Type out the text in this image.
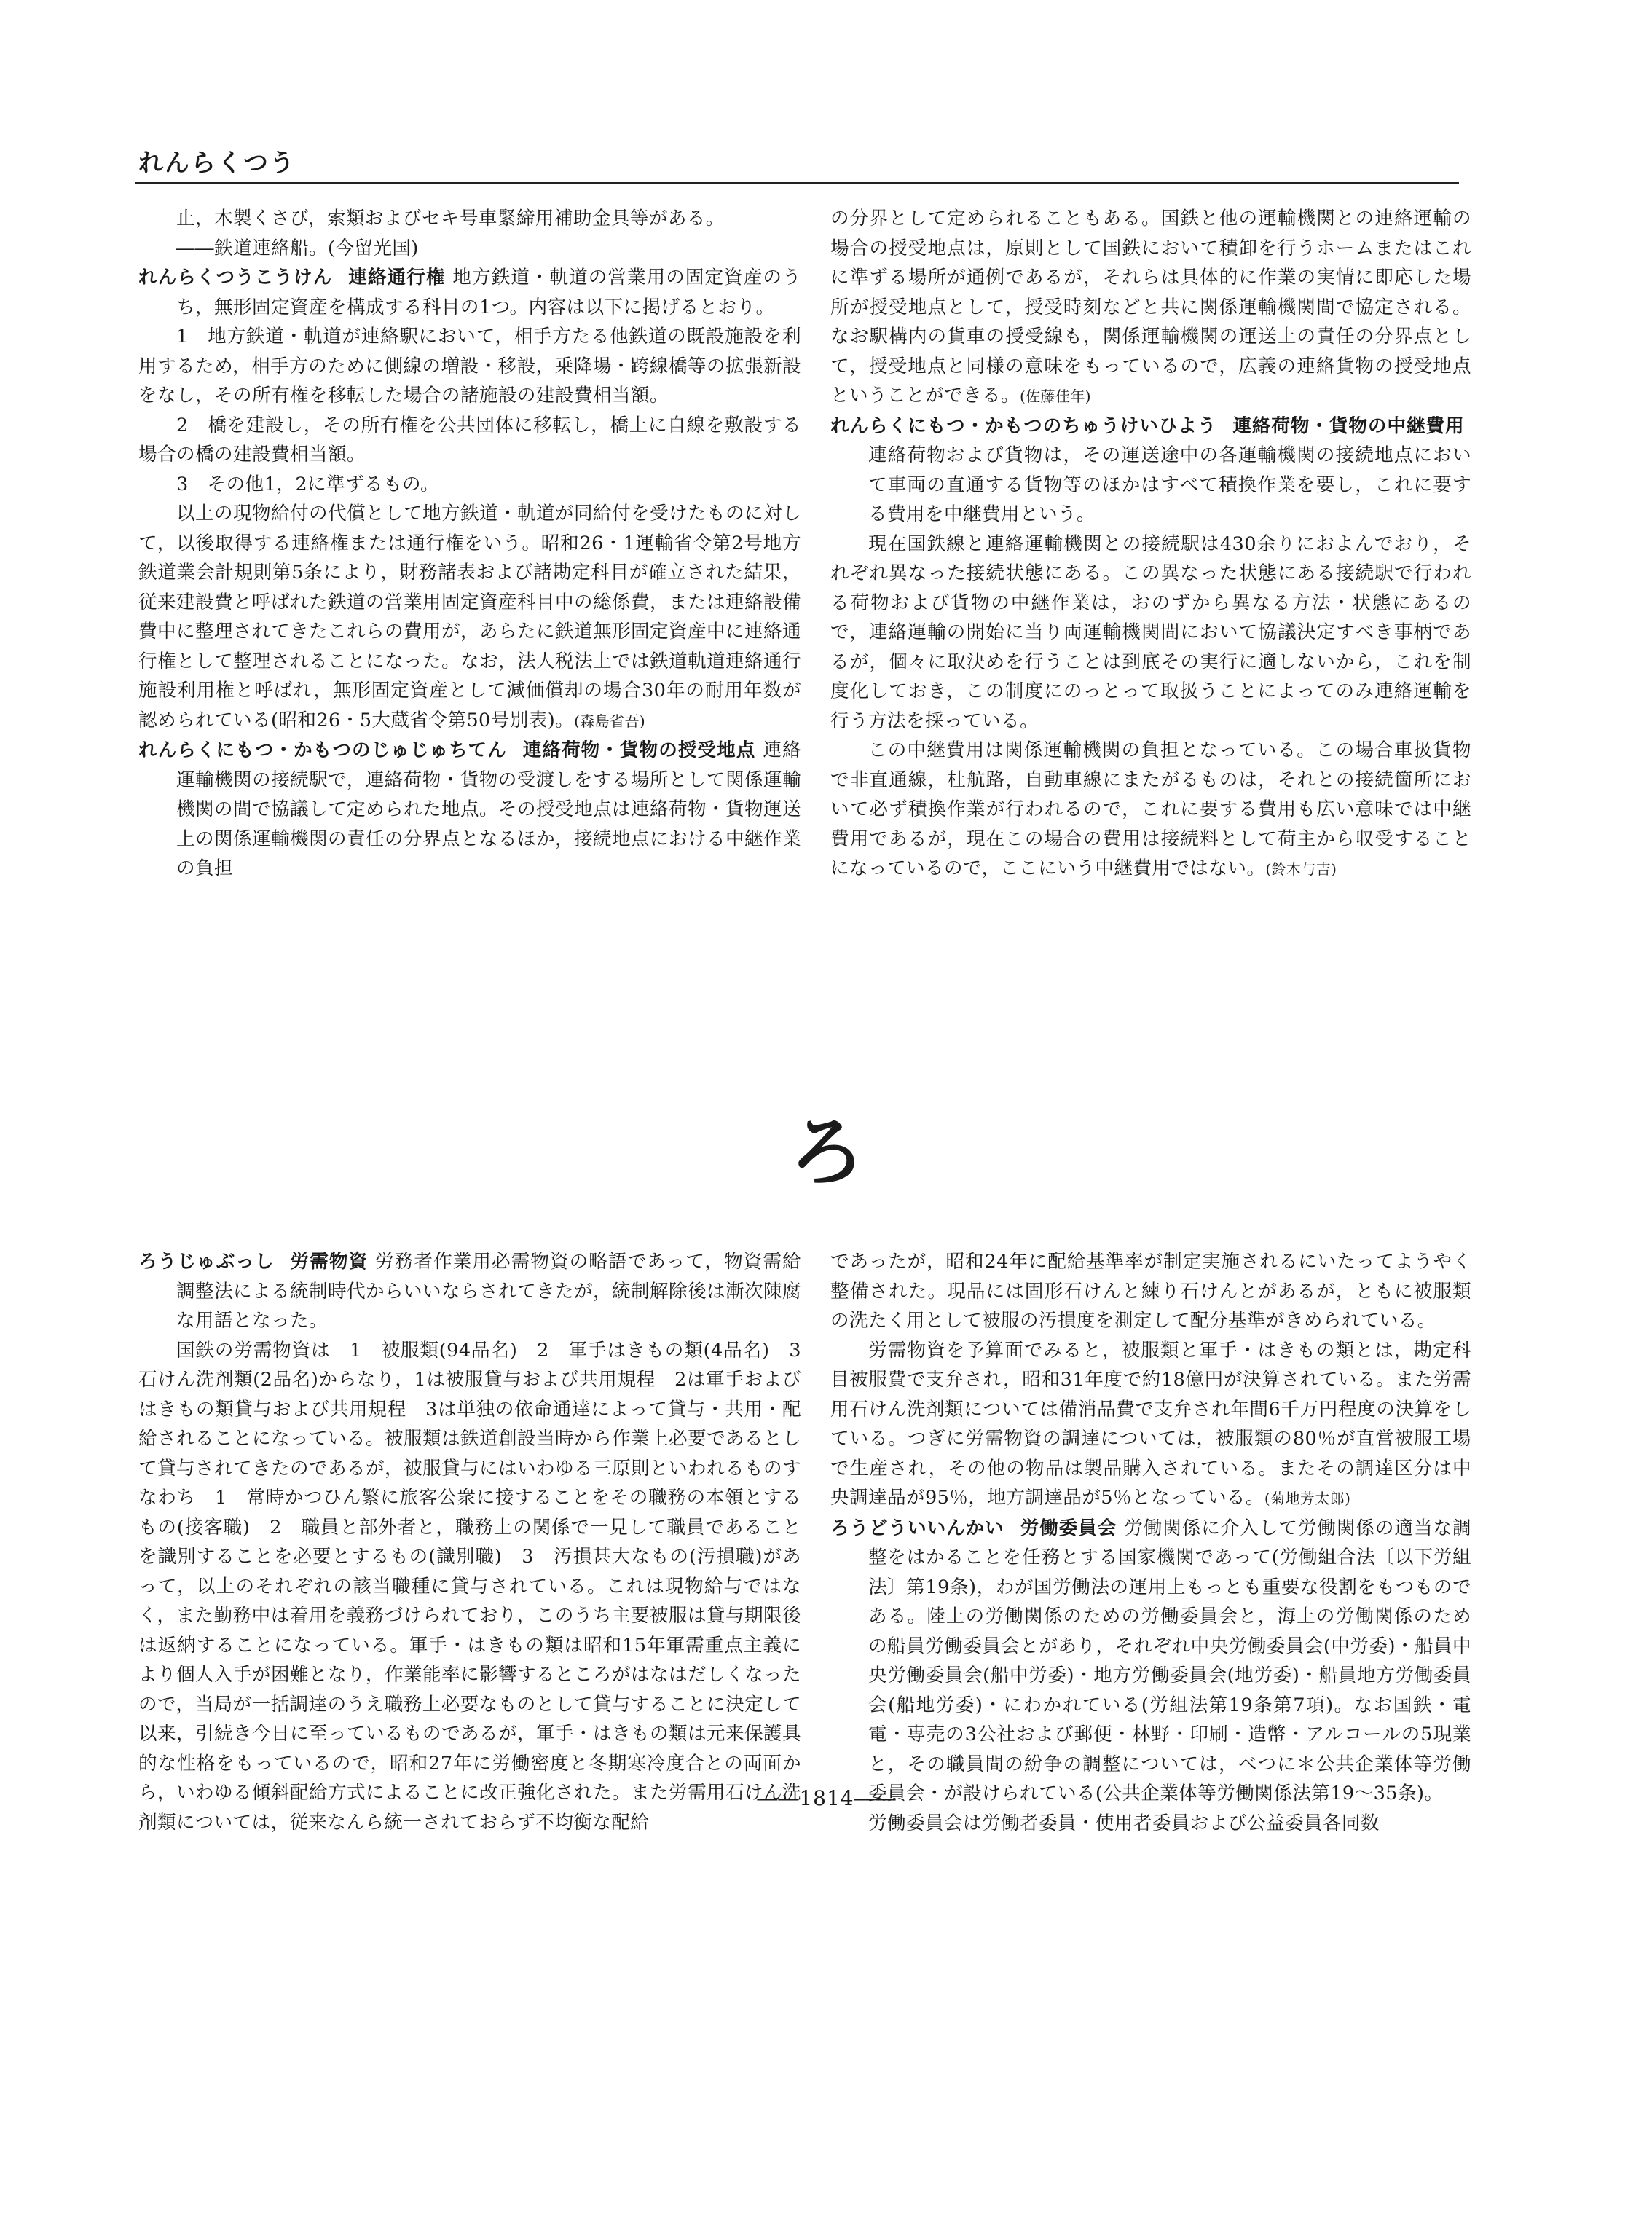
れんらくつう

止，木製くさび，索類およびセキ号車緊締用補助金具等がある。

――鉄道連絡船。(今留光国)

れんらくつうこうけん 連絡通行権 地方鉄道・軌道の営業用の固定資産のうち，無形固定資産を構成する科目の1つ。内容は以下に掲げるとおり。

1　地方鉄道・軌道が連絡駅において，相手方たる他鉄道の既設施設を利用するため，相手方のために側線の増設・移設，乗降場・跨線橋等の拡張新設をなし，その所有権を移転した場合の諸施設の建設費相当額。

2　橋を建設し，その所有権を公共団体に移転し，橋上に自線を敷設する場合の橋の建設費相当額。

3　その他1，2に準ずるもの。

以上の現物給付の代償として地方鉄道・軌道が同給付を受けたものに対して，以後取得する連絡権または通行権をいう。昭和26・1運輸省令第2号地方鉄道業会計規則第5条により，財務諸表および諸勘定科目が確立された結果，従来建設費と呼ばれた鉄道の営業用固定資産科目中の総係費，または連絡設備費中に整理されてきたこれらの費用が，あらたに鉄道無形固定資産中に連絡通行権として整理されることになった。なお，法人税法上では鉄道軌道連絡通行施設利用権と呼ばれ，無形固定資産として減価償却の場合30年の耐用年数が認められている(昭和26・5大蔵省令第50号別表)。(森島省吾)

れんらくにもつ・かもつのじゅじゅちてん 連絡荷物・貨物の授受地点 連絡運輸機関の接続駅で，連絡荷物・貨物の受渡しをする場所として関係運輸機関の間で協議して定められた地点。その授受地点は連絡荷物・貨物運送上の関係運輸機関の責任の分界点となるほか，接続地点における中継作業の負担

の分界として定められることもある。国鉄と他の運輸機関との連絡運輸の場合の授受地点は，原則として国鉄において積卸を行うホームまたはこれに準ずる場所が通例であるが，それらは具体的に作業の実情に即応した場所が授受地点として，授受時刻などと共に関係運輸機関間で協定される。なお駅構内の貨車の授受線も，関係運輸機関の運送上の責任の分界点として，授受地点と同様の意味をもっているので，広義の連絡貨物の授受地点ということができる。(佐藤佳年)

れんらくにもつ・かもつのちゅうけいひよう 連絡荷物・貨物の中継費用連絡荷物および貨物は，その運送途中の各運輸機関の接続地点において車両の直通する貨物等のほかはすべて積換作業を要し，これに要する費用を中継費用という。

現在国鉄線と連絡運輸機関との接続駅は430余りにおよんでおり，それぞれ異なった接続状態にある。この異なった状態にある接続駅で行われる荷物および貨物の中継作業は，おのずから異なる方法・状態にあるので，連絡運輸の開始に当り両運輸機関間において協議決定すべき事柄であるが，個々に取決めを行うことは到底その実行に適しないから，これを制度化しておき，この制度にのっとって取扱うことによってのみ連絡運輸を行う方法を採っている。

この中継費用は関係運輸機関の負担となっている。この場合車扱貨物で非直通線，杜航路，自動車線にまたがるものは，それとの接続箇所において必ず積換作業が行われるので，これに要する費用も広い意味では中継費用であるが，現在この場合の費用は接続料として荷主から収受することになっているので，ここにいう中継費用ではない。(鈴木与吉)

ろ

ろうじゅぶっし 労需物資 労務者作業用必需物資の略語であって，物資需給調整法による統制時代からいいならされてきたが，統制解除後は漸次陳腐な用語となった。

国鉄の労需物資は　1　被服類(94品名)　2　軍手はきもの類(4品名)　3　石けん洗剤類(2品名)からなり，1は被服貸与および共用規程　2は軍手およびはきもの類貸与および共用規程　3は単独の依命通達によって貸与・共用・配給されることになっている。被服類は鉄道創設当時から作業上必要であるとして貸与されてきたのであるが，被服貸与にはいわゆる三原則といわれるものすなわち　1　常時かつひん繁に旅客公衆に接することをその職務の本領とするもの(接客職)　2　職員と部外者と，職務上の関係で一見して職員であることを識別することを必要とするもの(識別職)　3　汚損甚大なもの(汚損職)があって，以上のそれぞれの該当職種に貸与されている。これは現物給与ではなく，また勤務中は着用を義務づけられており，このうち主要被服は貸与期限後は返納することになっている。軍手・はきもの類は昭和15年軍需重点主義により個人入手が困難となり，作業能率に影響するところがはなはだしくなったので，当局が一括調達のうえ職務上必要なものとして貸与することに決定して以来，引続き今日に至っているものであるが，軍手・はきもの類は元来保護具的な性格をもっているので，昭和27年に労働密度と冬期寒冷度合との両面から，いわゆる傾斜配給方式によることに改正強化された。また労需用石けん洗剤類については，従来なんら統一されておらず不均衡な配給

であったが，昭和24年に配給基準率が制定実施されるにいたってようやく整備された。現品には固形石けんと練り石けんとがあるが，ともに被服類の洗たく用として被服の汚損度を測定して配分基準がきめられている。

労需物資を予算面でみると，被服類と軍手・はきもの類とは，勘定科目被服費で支弁され，昭和31年度で約18億円が決算されている。また労需用石けん洗剤類については備消品費で支弁され年間6千万円程度の決算をしている。つぎに労需物資の調達については，被服類の80％が直営被服工場で生産され，その他の物品は製品購入されている。またその調達区分は中央調達品が95％，地方調達品が5％となっている。(菊地芳太郎)

ろうどういいんかい 労働委員会 労働関係に介入して労働関係の適当な調整をはかることを任務とする国家機関であって(労働組合法〔以下労組法〕第19条)，わが国労働法の運用上もっとも重要な役割をもつものである。陸上の労働関係のための労働委員会と，海上の労働関係のための船員労働委員会とがあり，それぞれ中央労働委員会(中労委)・船員中央労働委員会(船中労委)・地方労働委員会(地労委)・船員地方労働委員会(船地労委)・にわかれている(労組法第19条第7項)。なお国鉄・電電・専売の3公社および郵便・林野・印刷・造幣・アルコールの5現業と，その職員間の紛争の調整については，べつに＊公共企業体等労働委員会・が設けられている(公共企業体等労働関係法第19～35条)。

労働委員会は労働者委員・使用者委員および公益委員各同数

――1814――
